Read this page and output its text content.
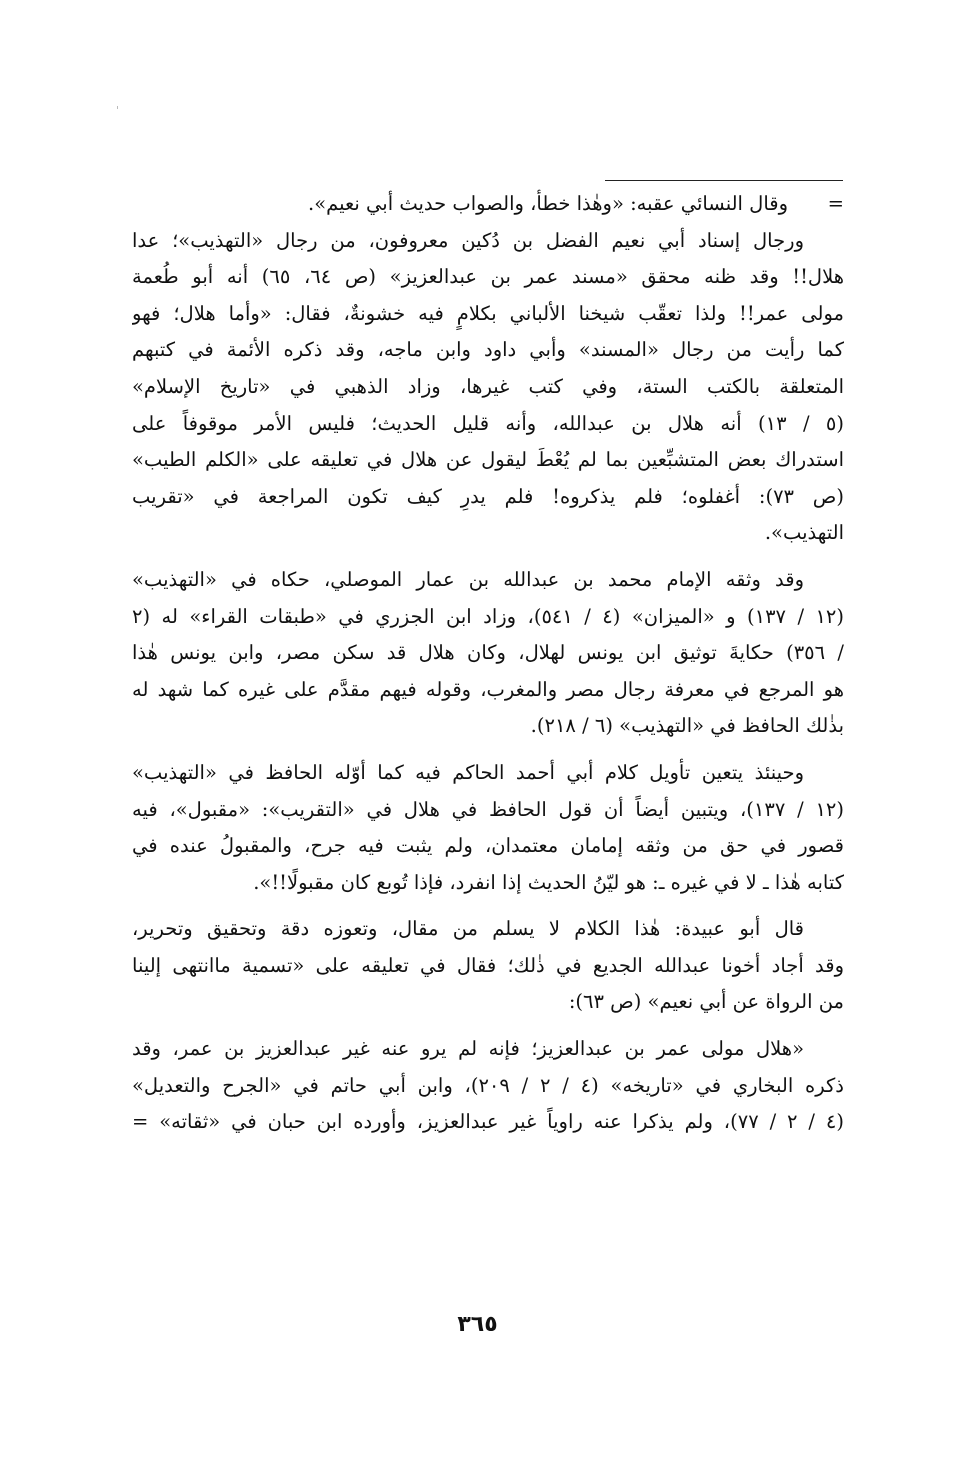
=
وقال النسائي عقبه: «وهٰذا خطأ، والصواب حديث أبي نعيم».
ورجال إسناد أبي نعيم الفضل بن دُكين معروفون، من رجال «التهذيب»؛ عدا
هلال!! وقد ظنه محقق «مسند عمر بن عبدالعزيز» (ص ٦٤، ٦٥) أنه أبو طُعمة
مولى عمر!! ولذا تعقّب شيخنا الألباني بكلامٍ فيه خشونةٌ، فقال: «وأما هلال؛ فهو
كما رأيت من رجال «المسند» وأبي داود وابن ماجه، وقد ذكره الأئمة في كتبهم
المتعلقة بالكتب الستة، وفي كتب غيرها، وزاد الذهبي في «تاريخ الإسلام»
(٥ / ١٣) أنه هلال بن عبدالله، وأنه قليل الحديث؛ فليس الأمر موقوفاً على
استدراك بعض المتشبِّعين بما لم يُعْطَ ليقول عن هلال في تعليقه على «الكلم الطيب»
(ص ٧٣): أغفلوه؛ فلم يذكروه! فلم يدرِ كيف تكون المراجعة في «تقريب
التهذيب».
وقد وثقه الإمام محمد بن عبدالله بن عمار الموصلي، حكاه في «التهذيب»
(١٢ / ١٣٧) و «الميزان» (٤ / ٥٤١)، وزاد ابن الجزري في «طبقات القراء» له (٢
/ ٣٥٦) حكايةَ توثيق ابن يونس لهلال، وكان هلال قد سكن مصر، وابن يونس هٰذا
هو المرجع في معرفة رجال مصر والمغرب، وقوله فيهم مقدَّم على غيره كما شهد له
بذٰلك الحافظ في «التهذيب» (٦ / ٢١٨).
وحينئذ يتعين تأويل كلام أبي أحمد الحاكم فيه كما أوّله الحافظ في «التهذيب»
(١٢ / ١٣٧)، ويتبين أيضاً أن قول الحافظ في هلال في «التقريب»: «مقبول»، فيه
قصور في حق من وثقه إمامان معتمدان، ولم يثبت فيه جرح، والمقبولُ عنده في
كتابه هٰذا ـ لا في غيره ـ: هو ليّنُ الحديث إذا انفرد، فإذا تُوبع كان مقبولًا!!».
قال أبو عبيدة: هٰذا الكلام لا يسلم من مقال، وتعوزه دقة وتحقيق وتحرير،
وقد أجاد أخونا عبدالله الجديع في ذٰلك؛ فقال في تعليقه على «تسمية ماانتهى إلينا
من الرواة عن أبي نعيم» (ص ٦٣):
«هلال مولى عمر بن عبدالعزيز؛ فإنه لم يرو عنه غير عبدالعزيز بن عمر، وقد
ذكره البخاري في «تاريخه» (٤ / ٢ / ٢٠٩)، وابن أبي حاتم في «الجرح والتعديل»
(٤ / ٢ / ٧٧)، ولم يذكرا عنه راوياً غير عبدالعزيز، وأورده ابن حبان في «ثقاته» =
٣٦٥
